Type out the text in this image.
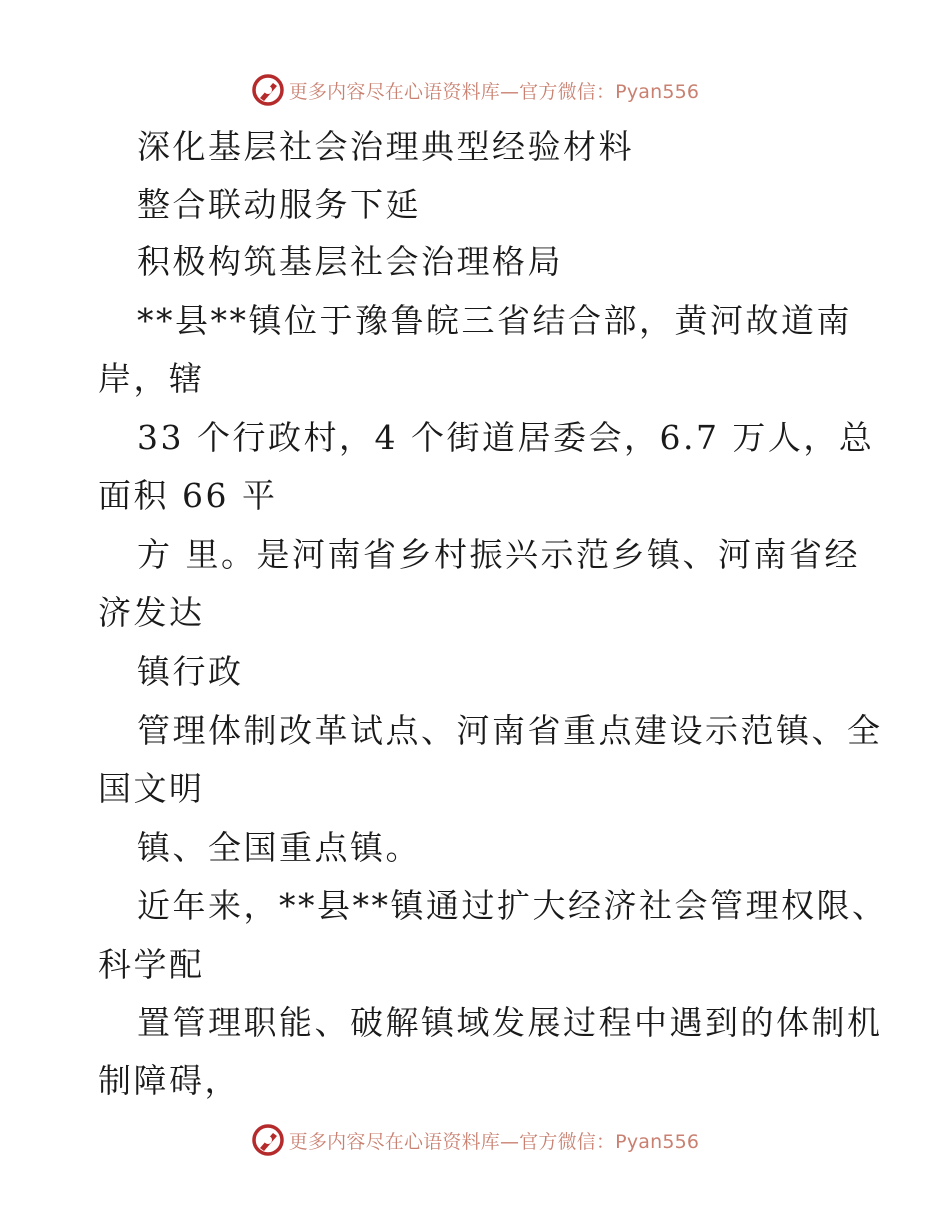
更多内容尽在心语资料库—官方微信：Pyan556
深化基层社会治理典型经验材料
整合联动服务下延
积极构筑基层社会治理格局
**县**镇位于豫鲁皖三省结合部，黄河故道南
岸，辖
33 个行政村，4 个街道居委会，6.7 万人，总
面积 66 平
方 里。是河南省乡村振兴示范乡镇、河南省经
济发达
镇行政
管理体制改革试点、河南省重点建设示范镇、全
国文明
镇、全国重点镇。
近年来，**县**镇通过扩大经济社会管理权限、
科学配
置管理职能、破解镇域发展过程中遇到的体制机
制障碍，
更多内容尽在心语资料库—官方微信：Pyan556
